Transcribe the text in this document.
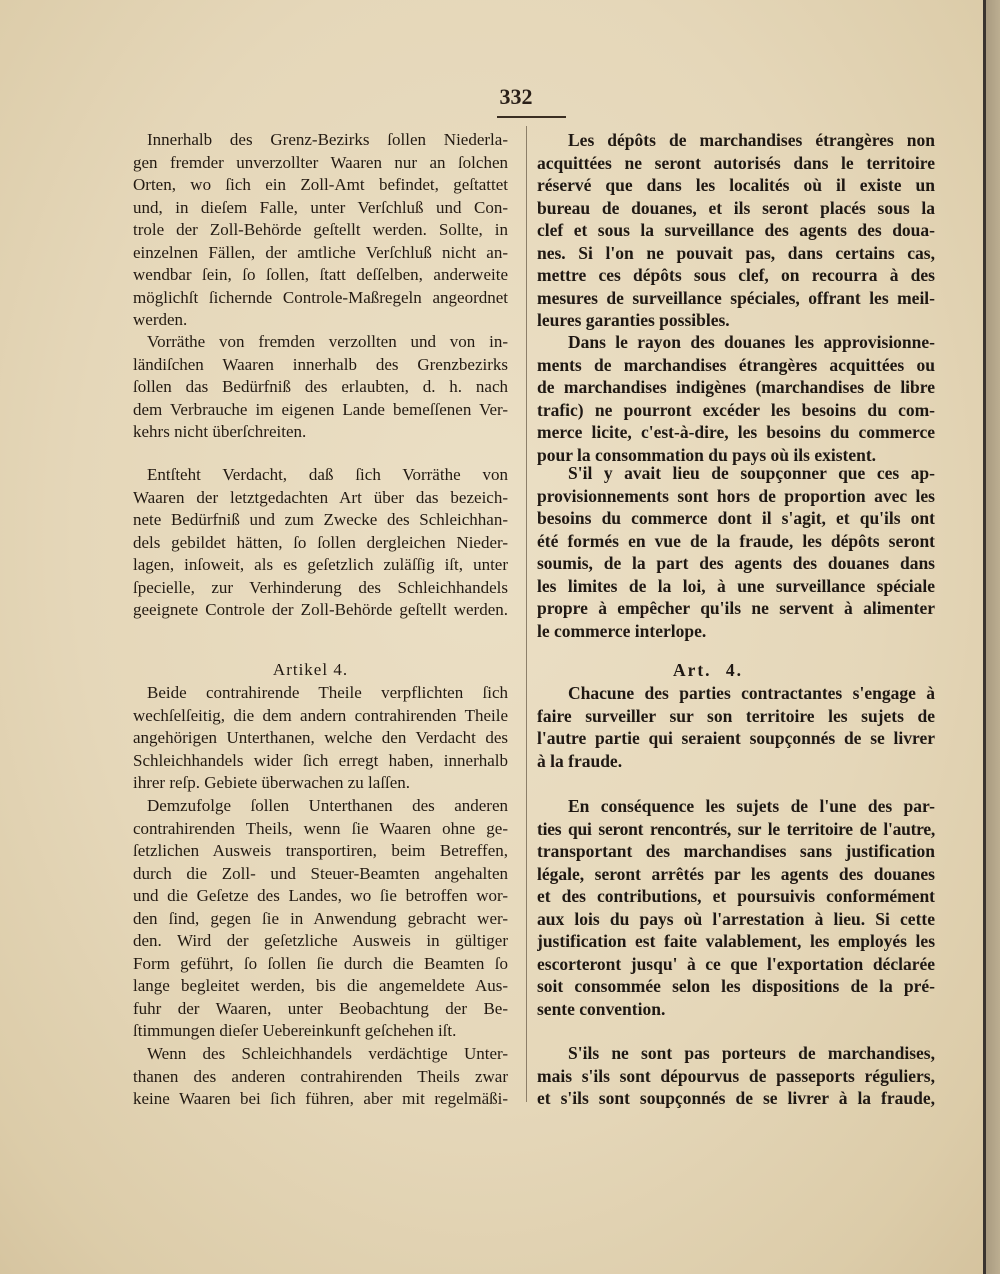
332
Innerhalb des Grenz-Bezirks ſollen Niederla-
gen fremder unverzollter Waaren nur an ſolchen
Orten, wo ſich ein Zoll-Amt befindet, geſtattet
und, in dieſem Falle, unter Verſchluß und Con-
trole der Zoll-Behörde geſtellt werden. Sollte, in
einzelnen Fällen, der amtliche Verſchluß nicht an-
wendbar ſein, ſo ſollen, ſtatt deſſelben, anderweite
möglichſt ſichernde Controle-Maßregeln angeordnet
werden.
Vorräthe von fremden verzollten und von in-
ländiſchen Waaren innerhalb des Grenzbezirks
ſollen das Bedürfniß des erlaubten, d. h. nach
dem Verbrauche im eigenen Lande bemeſſenen Ver-
kehrs nicht überſchreiten.
Entſteht Verdacht, daß ſich Vorräthe von
Waaren der letztgedachten Art über das bezeich-
nete Bedürfniß und zum Zwecke des Schleichhan-
dels gebildet hätten, ſo ſollen dergleichen Nieder-
lagen, inſoweit, als es geſetzlich zuläſſig iſt, unter
ſpecielle, zur Verhinderung des Schleichhandels
geeignete Controle der Zoll-Behörde geſtellt werden.
Artikel 4.
Beide contrahirende Theile verpflichten ſich
wechſelſeitig, die dem andern contrahirenden Theile
angehörigen Unterthanen, welche den Verdacht des
Schleichhandels wider ſich erregt haben, innerhalb
ihrer reſp. Gebiete überwachen zu laſſen.
Demzufolge ſollen Unterthanen des anderen
contrahirenden Theils, wenn ſie Waaren ohne ge-
ſetzlichen Ausweis transportiren, beim Betreffen,
durch die Zoll- und Steuer-Beamten angehalten
und die Geſetze des Landes, wo ſie betroffen wor-
den ſind, gegen ſie in Anwendung gebracht wer-
den. Wird der geſetzliche Ausweis in gültiger
Form geführt, ſo ſollen ſie durch die Beamten ſo
lange begleitet werden, bis die angemeldete Aus-
fuhr der Waaren, unter Beobachtung der Be-
ſtimmungen dieſer Uebereinkunft geſchehen iſt.
Wenn des Schleichhandels verdächtige Unter-
thanen des anderen contrahirenden Theils zwar
keine Waaren bei ſich führen, aber mit regelmäßi-
Les dépôts de marchandises étrangères non
acquittées ne seront autorisés dans le territoire
réservé que dans les localités où il existe un
bureau de douanes, et ils seront placés sous la
clef et sous la surveillance des agents des doua-
nes. Si l'on ne pouvait pas, dans certains cas,
mettre ces dépôts sous clef, on recourra à des
mesures de surveillance spéciales, offrant les meil-
leures garanties possibles.
Dans le rayon des douanes les approvisionne-
ments de marchandises étrangères acquittées ou
de marchandises indigènes (marchandises de libre
trafic) ne pourront excéder les besoins du com-
merce licite, c'est-à-dire, les besoins du commerce
pour la consommation du pays où ils existent.
S'il y avait lieu de soupçonner que ces ap-
provisionnements sont hors de proportion avec les
besoins du commerce dont il s'agit, et qu'ils ont
été formés en vue de la fraude, les dépôts seront
soumis, de la part des agents des douanes dans
les limites de la loi, à une surveillance spéciale
propre à empêcher qu'ils ne servent à alimenter
le commerce interlope.
Art. 4.
Chacune des parties contractantes s'engage à
faire surveiller sur son territoire les sujets de
l'autre partie qui seraient soupçonnés de se livrer
à la fraude.
En conséquence les sujets de l'une des par-
ties qui seront rencontrés, sur le territoire de l'autre,
transportant des marchandises sans justification
légale, seront arrêtés par les agents des douanes
et des contributions, et poursuivis conformément
aux lois du pays où l'arrestation à lieu. Si cette
justification est faite valablement, les employés les
escorteront jusqu' à ce que l'exportation déclarée
soit consommée selon les dispositions de la pré-
sente convention.
S'ils ne sont pas porteurs de marchandises,
mais s'ils sont dépourvus de passeports réguliers,
et s'ils sont soupçonnés de se livrer à la fraude,
